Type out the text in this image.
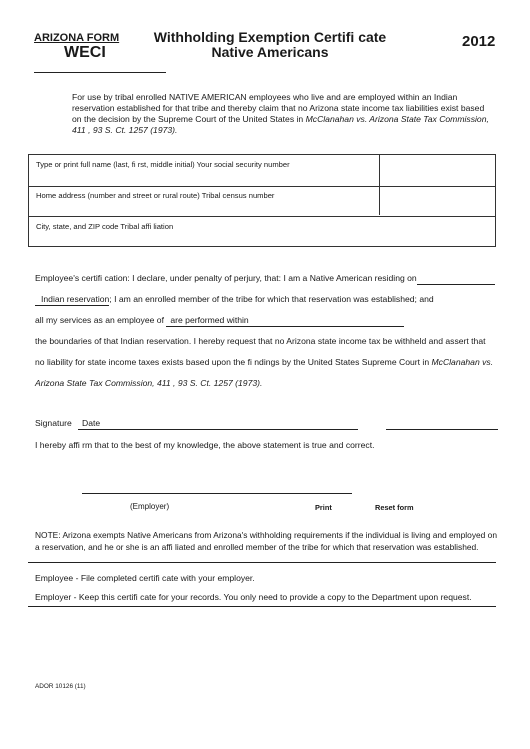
ARIZONA FORM
WECI
Withholding Exemption Certifi cate
Native Americans
2012
For use by tribal enrolled NATIVE AMERICAN employees who live and are employed within an Indian reservation established for that tribe and thereby claim that no Arizona state income tax liabilities exist based on the decision by the Supreme Court of the United States in McClanahan vs. Arizona State Tax Commission, 411 , 93 S. Ct. 1257 (1973).
Type or print full name (last, fi rst, middle initial) Your social security number
Home address (number and street or rural route) Tribal census number
City, state, and ZIP code Tribal affi liation
Employee's certifi cation: I declare, under penalty of perjury, that: I am a Native American residing on
Indian reservation; I am an enrolled member of the tribe for which that reservation was established; and
all my services as an employee of are performed within
the boundaries of that Indian reservation. I hereby request that no Arizona state income tax be withheld and assert that
no liability for state income taxes exists based upon the fi ndings by the United States Supreme Court in McClanahan vs.
Arizona State Tax Commission, 411 , 93 S. Ct. 1257 (1973).
Signature Date
I hereby affi rm that to the best of my knowledge, the above statement is true and correct.
(Employer)	Print	Reset form
NOTE: Arizona exempts Native Americans from Arizona's withholding requirements if the individual is living and employed on a reservation, and he or she is an affi liated and enrolled member of the tribe for which that reservation was established.
Employee - File completed certifi cate with your employer.
Employer - Keep this certifi cate for your records. You only need to provide a copy to the Department upon request.
ADOR 10126 (11)
